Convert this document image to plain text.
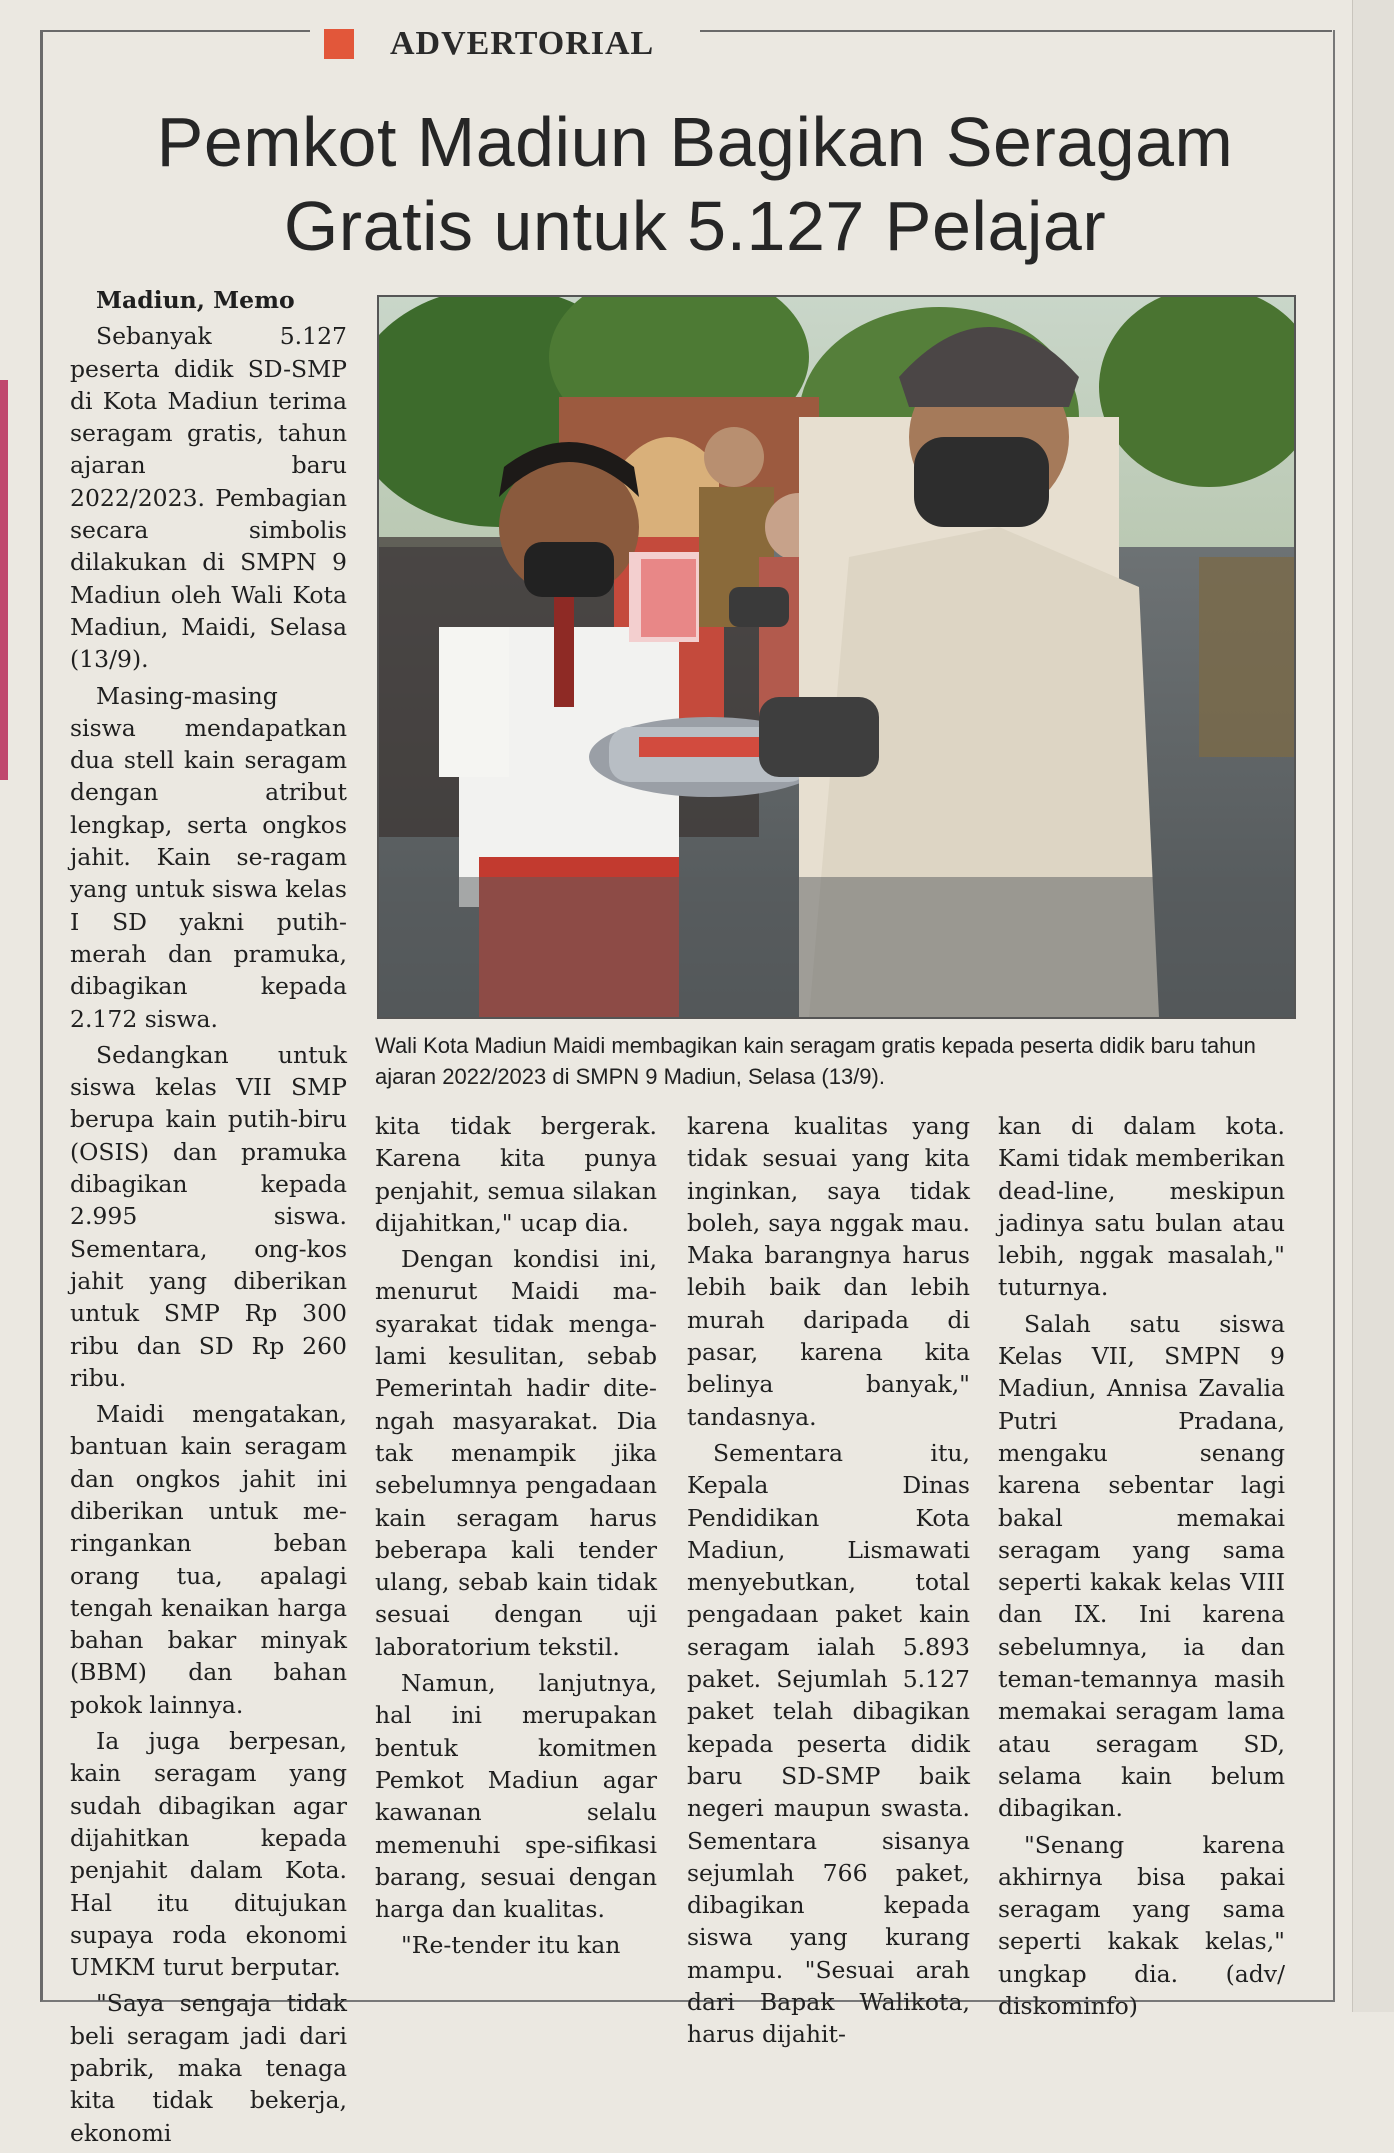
ADVERTORIAL
Pemkot Madiun Bagikan Seragam
Gratis untuk 5.127 Pelajar
Wali Kota Madiun Maidi membagikan kain seragam gratis kepada peserta didik baru tahun ajaran 2022/2023 di SMPN 9 Madiun, Selasa (13/9).

Madiun, Memo

Sebanyak 5.127 peserta didik SD-SMP di Kota Madiun terima seragam gratis, tahun ajaran baru 2022/2023. Pembagian secara simbolis dilakukan di SMPN 9 Madiun oleh Wali Kota Madiun, Maidi, Selasa (13/9).

Masing-masing siswa mendapatkan dua stell kain seragam dengan atribut lengkap, serta ongkos jahit. Kain se-ragam yang untuk siswa kelas I SD yakni putih-merah dan pramuka, dibagikan kepada 2.172 siswa.

Sedangkan untuk siswa kelas VII SMP berupa kain putih-biru (OSIS) dan pramuka dibagikan kepada 2.995 siswa. Sementara, ong-kos jahit yang diberikan untuk SMP Rp 300 ribu dan SD Rp 260 ribu.

Maidi mengatakan, bantuan kain seragam dan ongkos jahit ini diberikan untuk me-ringankan beban orang tua, apalagi tengah kenaikan harga bahan bakar minyak (BBM) dan bahan pokok lainnya.

Ia juga berpesan, kain seragam yang sudah dibagikan agar dijahitkan kepada penjahit dalam Kota. Hal itu ditujukan supaya roda ekonomi UMKM turut berputar.

"Saya sengaja tidak beli seragam jadi dari pabrik, maka tenaga kita tidak bekerja, ekonomi

kita tidak bergerak. Karena kita punya penjahit, semua silakan dijahitkan," ucap dia.

Dengan kondisi ini, menurut Maidi ma-syarakat tidak menga-lami kesulitan, sebab Pemerintah hadir dite-ngah masyarakat. Dia tak menampik jika sebelumnya pengadaan kain seragam harus beberapa kali tender ulang, sebab kain tidak sesuai dengan uji laboratorium tekstil.

Namun, lanjutnya, hal ini merupakan bentuk komitmen Pemkot Madiun agar kawanan selalu memenuhi spe-sifikasi barang, sesuai dengan harga dan kualitas.

"Re-tender itu kan

karena kualitas yang tidak sesuai yang kita inginkan, saya tidak boleh, saya nggak mau. Maka barangnya harus lebih baik dan lebih murah daripada di pasar, karena kita belinya banyak," tandasnya.

Sementara itu, Kepala Dinas Pendidikan Kota Madiun, Lismawati menyebutkan, total pengadaan paket kain seragam ialah 5.893 paket. Sejumlah 5.127 paket telah dibagikan kepada peserta didik baru SD-SMP baik negeri maupun swasta. Sementara sisanya sejumlah 766 paket, dibagikan kepada siswa yang kurang mampu. "Sesuai arah dari Bapak Walikota, harus dijahit-

kan di dalam kota. Kami tidak memberikan dead-line, meskipun jadinya satu bulan atau lebih, nggak masalah," tuturnya.

Salah satu siswa Kelas VII, SMPN 9 Madiun, Annisa Zavalia Putri Pradana, mengaku senang karena sebentar lagi bakal memakai seragam yang sama seperti kakak kelas VIII dan IX. Ini karena sebelumnya, ia dan teman-temannya masih memakai seragam lama atau seragam SD, selama kain belum dibagikan.

"Senang karena akhirnya bisa pakai seragam yang sama seperti kakak kelas," ungkap dia. (adv/ diskominfo)
